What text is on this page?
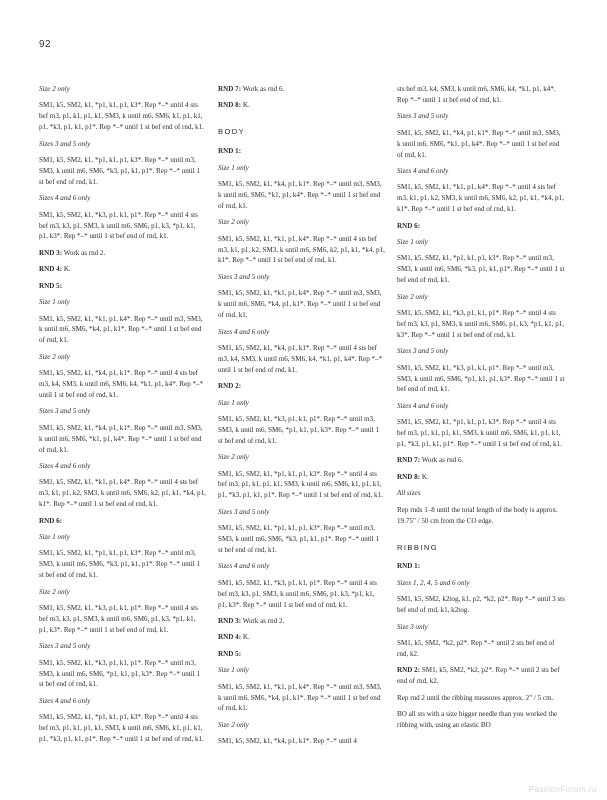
92
Size 2 only
SM1, k5, SM2, k1, *p1, k1, p1, k3*. Rep *–* until 4 sts bef m3, p1, k1, p1, k1, SM3, k until m6, SM6, k1, p1, k1, p1, *k3, p1, k1, p1*. Rep *–* until 1 st bef end of rnd, k1.
Sizes 3 and 5 only
SM1, k5, SM2, k1, *p1, k1, p1, k3*. Rep *–* until m3, SM3, k until m6, SM6, *k3, p1, k1, p1*. Rep *–* until 1 st bef end of rnd, k1.
Sizes 4 and 6 only
SM1, k5, SM2, k1, *k3, p1, k1, p1*. Rep *–* until 4 sts bef m3, k3, p1, SM3, k until m6, SM6, p1, k3, *p1, k1, p1, k3*. Rep *–* until 1 st bef end of rnd, k1.
RND 3: Work as rnd 2.
RND 4: K.
RND 5:
Size 1 only
SM1, k5, SM2, k1, *k1, p1, k4*. Rep *–* until m3, SM3, k until m6, SM6, *k4, p1, k1*. Rep *–* until 1 st bef end of rnd, k1.
Size 2 only
SM1, k5, SM2, k1, *k4, p1, k1*. Rep *–* until 4 sts bef m3, k4, SM3, k until m6, SM6, k4, *k1, p1, k4*. Rep *–* until 1 st bef end of rnd, k1.
Sizes 3 and 5 only
SM1, k5, SM2, k1, *k4, p1, k1*. Rep *–* until m3, SM3, k until m6, SM6, *k1, p1, k4*. Rep *–* until 1 st bef end of rnd, k1.
Sizes 4 and 6 only
SM1, k5, SM2, k1, *k1, p1, k4*. Rep *–* until 4 sts bef m3, k1, p1, k2, SM3, k until m6, SM6, k2, p1, k1, *k4, p1, k1*. Rep *–* until 1 st bef end of rnd, k1.
RND 6:
Size 1 only
SM1, k5, SM2, k1, *p1, k1, p1, k3*. Rep *–* until m3, SM3, k until m6, SM6, *k3, p1, k1, p1*. Rep *–* until 1 st bef end of rnd, k1.
Size 2 only
SM1, k5, SM2, k1, *k3, p1, k1, p1*. Rep *–* until 4 sts bef m3, k3, p1, SM3, k until m6, SM6, p1, k3, *p1, k1, p1, k3*. Rep *–* until 1 st bef end of rnd, k1.
Sizes 3 and 5 only
SM1, k5, SM2, k1, *k3, p1, k1, p1*. Rep *–* until m3, SM3, k until m6, SM6, *p1, k1, p1, k3*. Rep *–* until 1 st bef end of rnd, k1.
Sizes 4 and 6 only
SM1, k5, SM2, k1, *p1, k1, p1, k3*. Rep *–* until 4 sts bef m3, p1, k1, p1, k1, SM3, k until m6, SM6, k1, p1, k1, p1, *k3, p1, k1, p1*. Rep *–* until 1 st bef end of rnd, k1.
RND 7: Work as rnd 6.
RND 8: K.
BODY
RND 1:
Size 1 only
SM1, k5, SM2, k1, *k4, p1, k1*. Rep *–* until m3, SM3, k until m6, SM6, *k1, p1, k4*. Rep *–* until 1 st bef end of rnd, k1.
Size 2 only
SM1, k5, SM2, k1, *k1, p1, k4*. Rep *–* until 4 sts bef m3, k1, p1, k2, SM3, k until m6, SM6, k2, p1, k1, *k4, p1, k1*. Rep *–* until 1 st bef end of rnd, k1.
Sizes 3 and 5 only
SM1, k5, SM2, k1, *k1, p1, k4*. Rep *–* until m3, SM3, k until m6, SM6, *k4, p1, k1*. Rep *–* until 1 st bef end of rnd, k1.
Sizes 4 and 6 only
SM1, k5, SM2, k1, *k4, p1, k1*. Rep *–* until 4 sts bef m3, k4, SM3, k until m6, SM6, k4, *k1, p1, k4*. Rep *–* until 1 st bef end of rnd, k1.
RND 2:
Size 1 only
SM1, k5, SM2, k1, *k3, p1, k1, p1*. Rep *–* until m3, SM3, k until m6, SM6, *p1, k1, p1, k3*. Rep *–* until 1 st bef end of rnd, k1.
Size 2 only
SM1, k5, SM2, k1, *p1, k1, p1, k3*. Rep *–* until 4 sts bef m3, p1, k1, p1, k1, SM3, k until m6, SM6, k1, p1, k1, p1, *k3, p1, k1, p1*. Rep *–* until 1 st bef end of rnd, k1.
Sizes 3 and 5 only
SM1, k5, SM2, k1, *p1, k1, p1, k3*. Rep *–* until m3, SM3, k until m6, SM6, *k3, p1, k1, p1*. Rep *–* until 1 st bef end of rnd, k1.
Sizes 4 and 6 only
SM1, k5, SM2, k1, *k3, p1, k1, p1*. Rep *–* until 4 sts bef m3, k3, p1, SM3, k until m6, SM6, p1, k3, *p1, k1, p1, k3*. Rep *–* until 1 st bef end of rnd, k1.
RND 3: Work as rnd 2.
RND 4: K.
RND 5:
Size 1 only
SM1, k5, SM2, k1, *k1, p1, k4*. Rep *–* until m3, SM3, k until m6, SM6, *k4, p1, k1*. Rep *–* until 1 st bef end of rnd, k1.
Size 2 only
SM1, k5, SM2, k1, *k4, p1, k1*. Rep *–* until 4
sts bef m3, k4, SM3, k until m6, SM6, k4, *k1, p1, k4*. Rep *–* until 1 st bef end of rnd, k1.
Sizes 3 and 5 only
SM1, k5, SM2, k1, *k4, p1, k1*. Rep *–* until m3, SM3, k until m6, SM6, *k1, p1, k4*. Rep *–* until 1 st bef end of rnd, k1.
Sizes 4 and 6 only
SM1, k5, SM2, k1, *k1, p1, k4*. Rep *–* until 4 sts bef m3, k1, p1, k2, SM3, k until m6, SM6, k2, p1, k1, *k4, p1, k1*. Rep *–* until 1 st bef end of rnd, k1.
RND 6:
Size 1 only
SM1, k5, SM2, k1, *p1, k1, p1, k3*. Rep *–* until m3, SM3, k until m6, SM6, *k3, p1, k1, p1*. Rep *–* until 1 st bef end of rnd, k1.
Size 2 only
SM1, k5, SM2, k1, *k3, p1, k1, p1*. Rep *–* until 4 sts bef m3, k3, p1, SM3, k until m6, SM6, p1, k3, *p1, k1, p1, k3*. Rep *–* until 1 st bef end of rnd, k1.
Sizes 3 and 5 only
SM1, k5, SM2, k1, *k3, p1, k1, p1*. Rep *–* until m3, SM3, k until m6, SM6, *p1, k1, p1, k3*. Rep *–* until 1 st bef end of rnd, k1.
Sizes 4 and 6 only
SM1, k5, SM2, k1, *p1, k1, p1, k3*. Rep *–* until 4 sts bef m3, p1, k1, p1, k1, SM3, k until m6, SM6, k1, p1, k1, p1, *k3, p1, k1, p1*. Rep *–* until 1 st bef end of rnd, k1.
RND 7: Work as rnd 6.
RND 8: K.
All sizes
Rep rnds 1–8 until the total length of the body is approx. 19.75" / 50 cm from the CO edge.
RIBBING
RND 1:
Sizes 1, 2, 4, 5 and 6 only
SM1, k5, SM2, k2tog, k1, p2, *k2, p2*. Rep *–* until 3 sts bef end of rnd, k1, k2tog.
Size 3 only
SM1, k5, SM2, *k2, p2*. Rep *–* until 2 sts bef end of rnd, k2.
RND 2: SM1, k5, SM2, *k2, p2*. Rep *–* until 2 sts bef end of rnd, k2.
Rep rnd 2 until the ribbing measures approx. 2" / 5 cm.
BO all sts with a size bigger needle than you worked the ribbing with, using an elastic BO
PassionForum.ru
